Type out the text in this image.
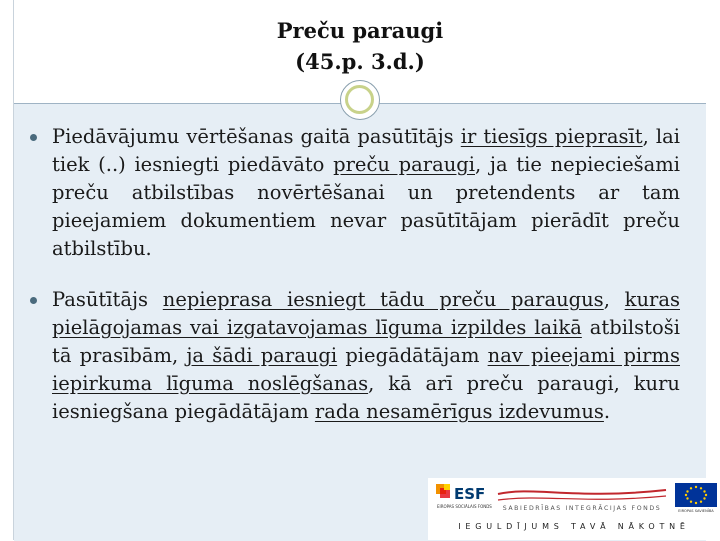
Preču paraugi
(45.p. 3.d.)
Piedāvājumu vērtēšanas gaitā pasūtītājs ir tiesīgs pieprasīt, lai tiek (..) iesniegti piedāvāto preču paraugi, ja tie nepieciešami preču atbilstības novērtēšanai un pretendents ar tam pieejamiem dokumentiem nevar pasūtītājam pierādīt preču atbilstību.
Pasūtītājs nepieprasa iesniegt tādu preču paraugus, kuras pielāgojamas vai izgatavojamas līguma izpildes laikā atbilstoši tā prasībām, ja šādi paraugi piegādātājam nav pieejami pirms iepirkuma līguma noslēgšanas, kā arī preču paraugi, kuru iesniegšana piegādātājam rada nesamērīgus izdevumus.
ESF
EIROPAS SOCIĀLAIS FONDS SABIEDRĪBAS INTEGRĀCIJAS FONDS	EIROPAS SAVIENĪBA
IEGULDĪJUMS TAVĀ NĀKOTNĒ
